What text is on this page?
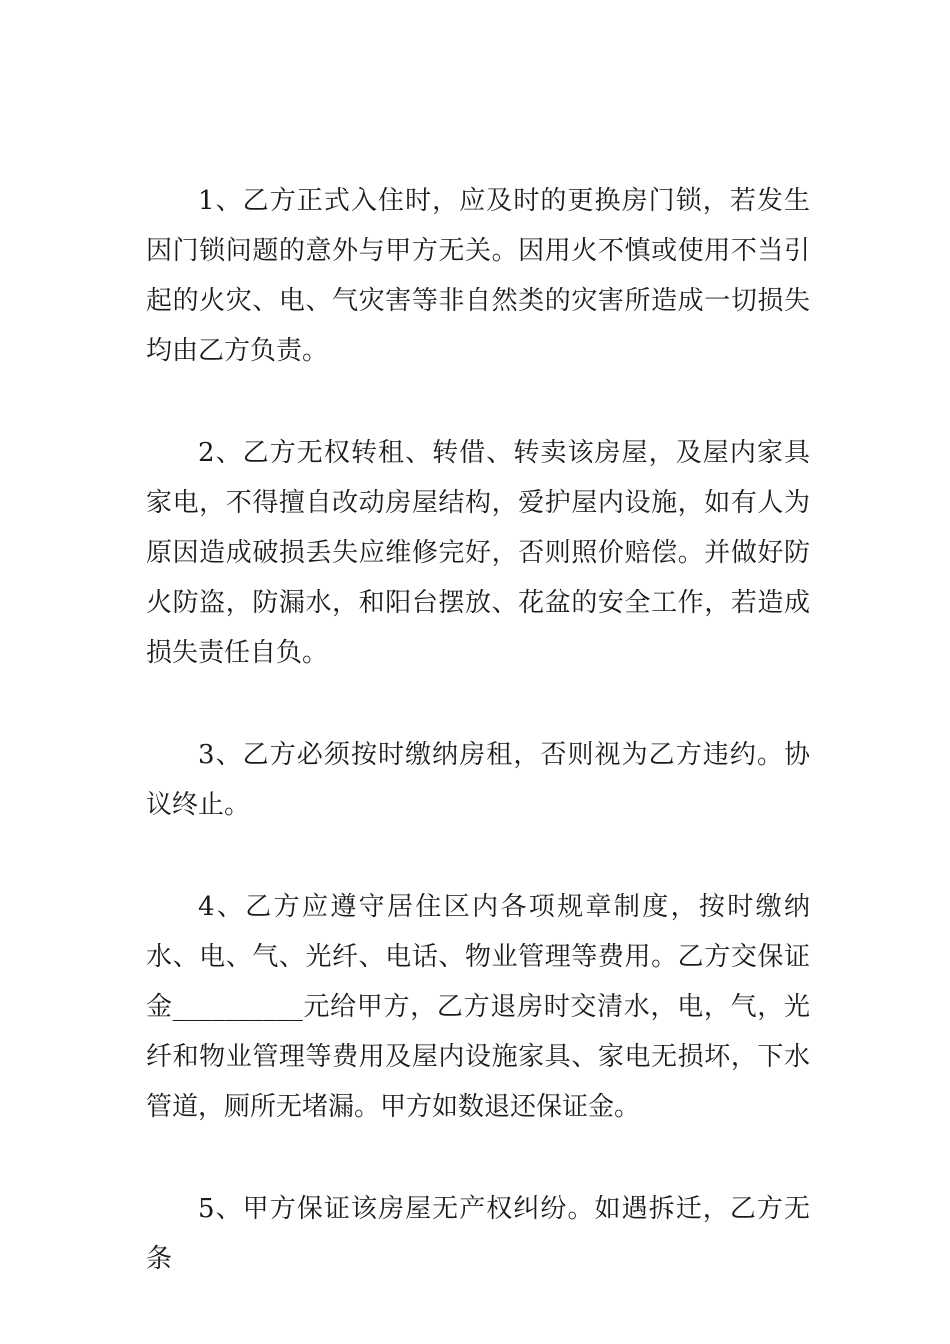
1、乙方正式入住时，应及时的更换房门锁，若发生因门锁问题的意外与甲方无关。因用火不慎或使用不当引起的火灾、电、气灾害等非自然类的灾害所造成一切损失均由乙方负责。

2、乙方无权转租、转借、转卖该房屋，及屋内家具家电，不得擅自改动房屋结构，爱护屋内设施，如有人为原因造成破损丢失应维修完好，否则照价赔偿。并做好防火防盗，防漏水，和阳台摆放、花盆的安全工作，若造成损失责任自负。

3、乙方必须按时缴纳房租，否则视为乙方违约。协议终止。

4、乙方应遵守居住区内各项规章制度，按时缴纳水、电、气、光纤、电话、物业管理等费用。乙方交保证金__________元给甲方，乙方退房时交清水，电，气，光纤和物业管理等费用及屋内设施家具、家电无损坏，下水管道，厕所无堵漏。甲方如数退还保证金。

5、甲方保证该房屋无产权纠纷。如遇拆迁，乙方无条
